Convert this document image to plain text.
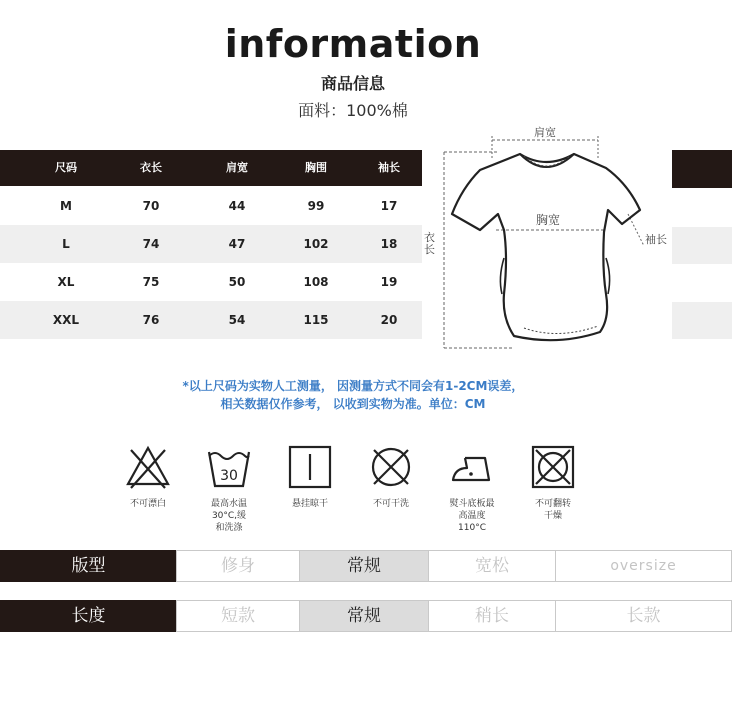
information
商品信息
面料：100%棉
尺码	衣长	肩宽	胸围	袖长
M	70	44	99	17
L	74	47	102	18
XL	75	50	108	19
XXL	76	54	115	20
肩宽
胸宽
衣长
袖长
*以上尺码为实物人工测量， 因测量方式不同会有1-2CM误差，
相关数据仅作参考， 以收到实物为准。单位：CM
不可漂白
30
最高水温
30°C,缓
和洗涤
悬挂晾干	不可干洗	熨斗底板最
高温度
110°C
不可翻转
干燥
版型	修身	常规	宽松	oversize
长度	短款	常规	稍长	长款
